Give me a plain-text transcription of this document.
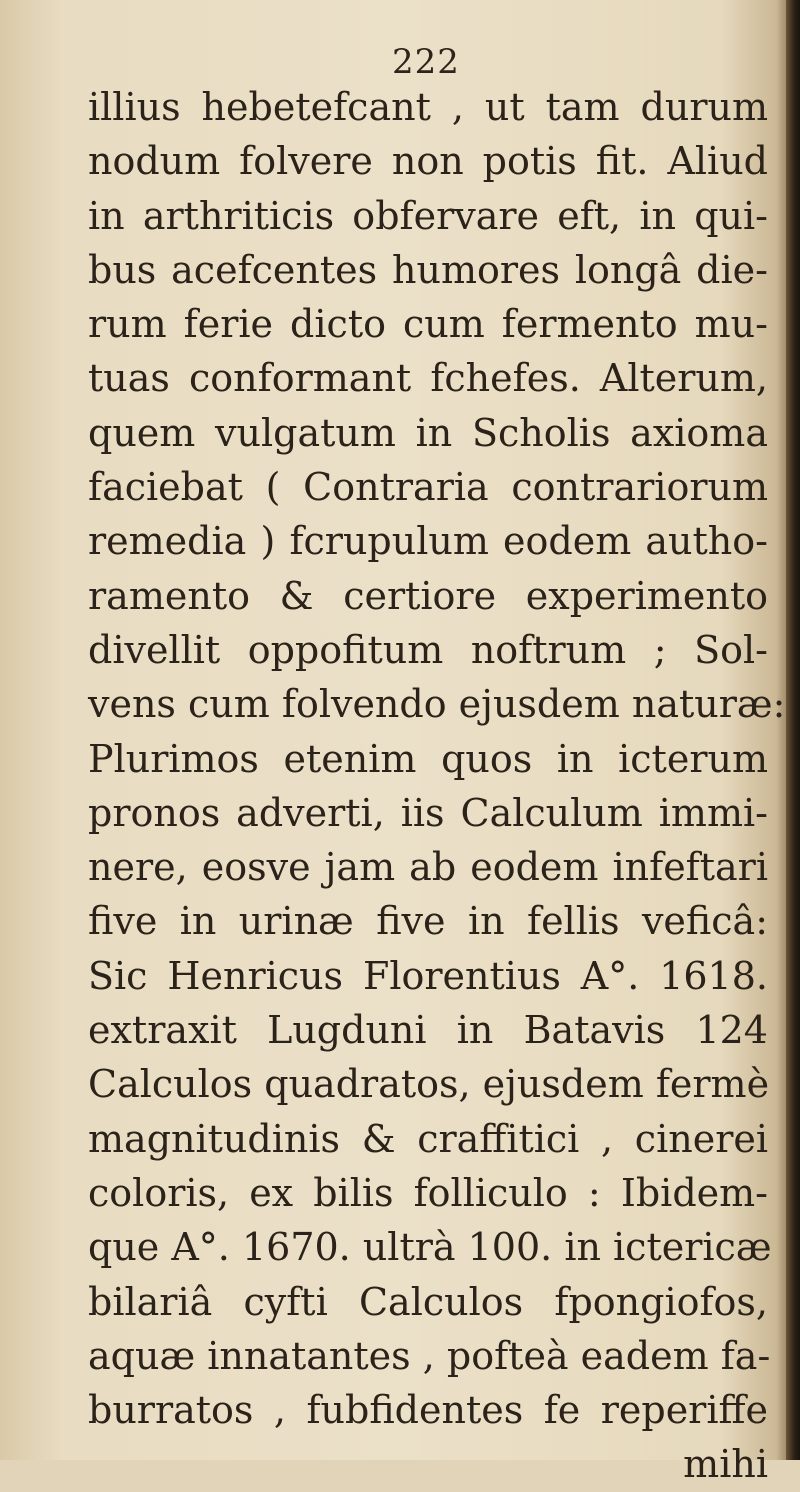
222
illius hebetefcant , ut tam durum
nodum folvere non potis fit. Aliud
in arthriticis obfervare eft, in qui-
bus acefcentes humores longâ die-
rum ferie dicto cum fermento mu-
tuas conformant fchefes. Alterum,
quem vulgatum in Scholis axioma
faciebat ( Contraria contrariorum
remedia ) fcrupulum eodem autho-
ramento & certiore experimento
divellit oppofitum noftrum ; Sol-
vens cum folvendo ejusdem naturæ:
Plurimos etenim quos in icterum
pronos adverti, iis Calculum immi-
nere, eosve jam ab eodem infeftari
five in urinæ five in fellis veficâ:
Sic Henricus Florentius A°. 1618.
extraxit Lugduni in Batavis 124
Calculos quadratos, ejusdem fermè
magnitudinis & craffitici , cinerei
coloris, ex bilis folliculo : Ibidem-
que A°. 1670. ultrà 100. in ictericæ
bilariâ cyfti Calculos fpongiofos,
aquæ innatantes , pofteà eadem fa-
burratos , fubfidentes fe reperiffe
mihi
